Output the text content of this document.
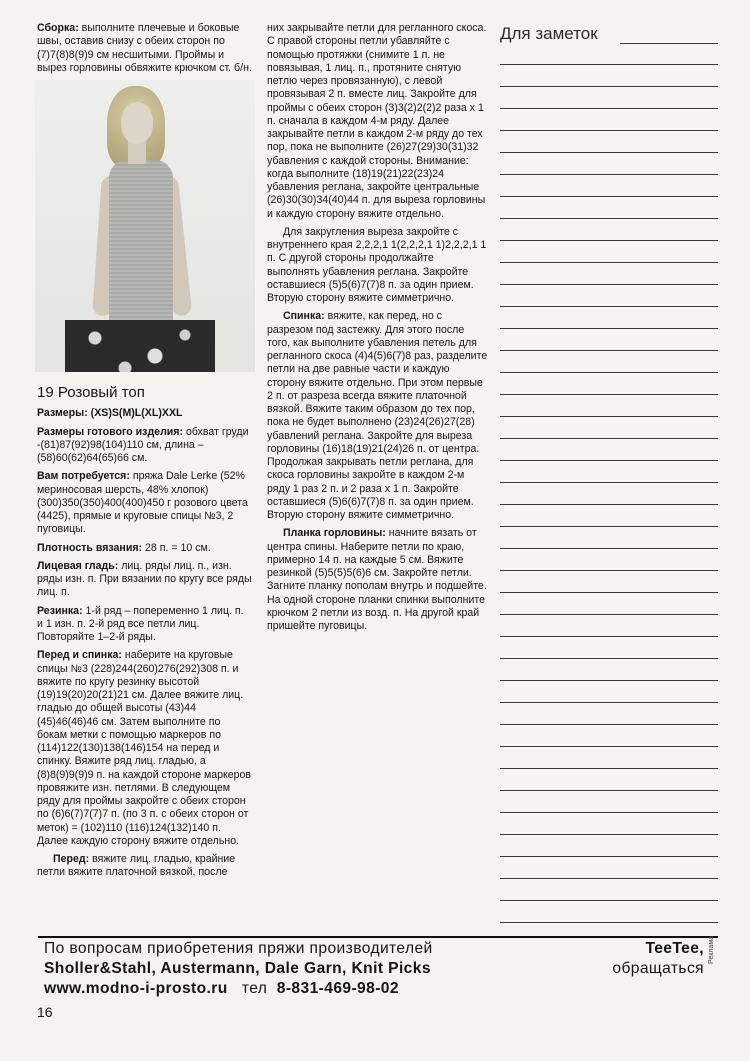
Сборка: выполните плечевые и боковые швы, оставив снизу с обеих сторон по (7)7(8)8(9)9 см несшитыми. Проймы и вырез горловины обвяжите крючком ст. б/н.

19 Розовый топ

Размеры: (XS)S(M)L(XL)XXL

Размеры готового изделия: обхват груди -(81)87(92)98(104)110 см, длина – (58)60(62)64(65)66 см.

Вам потребуется: пряжа Dale Lerke (52% мериносовая шерсть, 48% хлопок) (300)350(350)400(400)450 г розового цвета (4425), прямые и круговые спицы №3, 2 пуговицы.

Плотность вязания: 28 п. = 10 см.

Лицевая гладь: лиц. ряды лиц. п., изн. ряды изн. п. При вязании по кругу все ряды лиц. п.

Резинка: 1-й ряд – попеременно 1 лиц. п. и 1 изн. п. 2-й ряд все петли лиц. Повторяйте 1–2-й ряды.

Перед и спинка: наберите на круговые спицы №3 (228)244(260)276(292)308 п. и вяжите по кругу резинку высотой (19)19(20)20(21)21 см. Далее вяжите лиц. гладью до общей высоты (43)44 (45)46(46)46 см. Затем выполните по бокам метки с помощью маркеров по (114)122(130)138(146)154 на перед и спинку. Вяжите ряд лиц. гладью, а (8)8(9)9(9)9 п. на каждой стороне маркеров провяжите изн. петлями. В следующем ряду для проймы закройте с обеих сторон по (6)6(7)7(7)7 п. (по 3 п. с обеих сторон от меток) = (102)110 (116)124(132)140 п. Далее каждую сторону вяжите отдельно.

Перед: вяжите лиц. гладью, крайние петли вяжите платочной вязкой, после

них закрывайте петли для регланного скоса. С правой стороны петли убавляйте с помощью протяжки (снимите 1 п. не повязывая, 1 лиц. п., протяните снятую петлю через провязанную), с левой провязывая 2 п. вместе лиц. Закройте для проймы с обеих сторон (3)3(2)2(2)2 раза x 1 п. сначала в каждом 4-м ряду. Далее закрывайте петли в каждом 2-м ряду до тех пор, пока не выполните (26)27(29)30(31)32 убавления с каждой стороны. Внимание: когда выполните (18)19(21)22(23)24 убавления реглана, закройте центральные (26)30(30)34(40)44 п. для выреза горловины и каждую сторону вяжите отдельно.

Для закругления выреза закройте с внутреннего края 2,2,2,1 1(2,2,2,1 1)2,2,2,1 1 п. С другой стороны продолжайте выполнять убавления реглана. Закройте оставшиеся (5)5(6)7(7)8 п. за один прием. Вторую сторону вяжите симметрично.

Спинка: вяжите, как перед, но с разрезом под застежку. Для этого после того, как выполните убавления петель для регланного скоса (4)4(5)6(7)8 раз, разделите петли на две равные части и каждую сторону вяжите отдельно. При этом первые 2 п. от разреза всегда вяжите платочной вязкой. Вяжите таким образом до тех пор, пока не будет выполнено (23)24(26)27(28) убавлений реглана. Закройте для выреза горловины (16)18(19)21(24)26 п. от центра. Продолжая закрывать петли реглана, для скоса горловины закройте в каждом 2-м ряду 1 раз 2 п. и 2 раза x 1 п. Закройте оставшиеся (5)6(6)7(7)8 п. за один прием. Вторую сторону вяжите симметрично.

Планка горловины: начните вязать от центра спины. Наберите петли по краю, примерно 14 п. на каждые 5 см. Вяжите резинкой (5)5(5)5(6)6 см. Закройте петли. Загните планку пополам внутрь и подшейте. На одной стороне планки спинки выполните крючком 2 петли из возд. п. На другой край пришейте пуговицы.

Для заметок
По вопросам приобретения пряжи производителей	TeeTee,
Sholler&Stahl, Austermann, Dale Garn, Knit Picks	обращаться
www.modno-i-prosto.ru тел 8-831-469-98-02
Реклама
16
